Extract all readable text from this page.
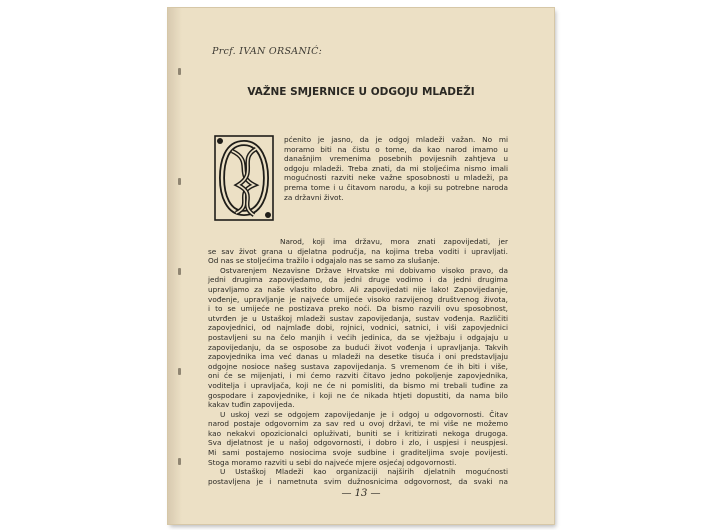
Prcf. IVAN ORSANIĆ:
VAŽNE SMJERNICE U ODGOJU MLADEŽI
pćenito je jasno, da je odgoj mladeži važan. No mi
moramo biti na čistu o tome, da kao narod imamo u
današnjim vremenima posebnih povijesnih zahtjeva u
odgoju mladeži. Treba znati, da mi stoljećima nismo imali
mogućnosti razviti neke važne sposobnosti u mladeži, pa
prema tome i u čitavom narodu, a koji su potrebne naroda
za državni život.
Narod, koji ima državu, mora znati zapovijedati, jer
se sav život grana u djelatna područja, na kojima treba voditi i upravljati.
Od nas se stoljećima tražilo i odgajalo nas se samo za slušanje.
Ostvarenjem Nezavisne Države Hrvatske mi dobivamo visoko pravo, da
jedni drugima zapovijedamo, da jedni druge vodimo i da jedni drugima
upravljamo za naše vlastito dobro. Ali zapovijedati nije lako! Zapovijedanje,
vođenje, upravljanje je najveće umijeće visoko razvijenog društvenog života,
i to se umijeće ne postizava preko noći. Da bismo razvili ovu sposobnost,
utvrđen je u Ustaškoj mladeži sustav zapovijedanja, sustav vođenja. Različiti
zapovjednici, od najmlađe dobi, rojnici, vodnici, satnici, i viši zapovjednici
postavljeni su na čelo manjih i većih jedinica, da se vježbaju i odgajaju u
zapovijedanju, da se osposobe za budući život vođenja i upravljanja. Takvih
zapovjednika ima već danas u mladeži na desetke tisuća i oni predstavljaju
odgojne nosioce našeg sustava zapovijedanja. S vremenom će ih biti i više,
oni će se mijenjati, i mi ćemo razviti čitavo jedno pokoljenje zapovjednika,
voditelja i upravljača, koji ne će ni pomisliti, da bismo mi trebali tuđine za
gospodare i zapovjednike, i koji ne će nikada htjeti dopustiti, da nama bilo
kakav tuđin zapovijeda.
U uskoj vezi se odgojem zapovijedanje je i odgoj u odgovornosti. Čitav
narod postaje odgovornim za sav red u ovoj državi, te mi više ne možemo
kao nekakvi opozicionalci opluživati, buniti se i kritizirati nekoga drugoga.
Sva djelatnost je u našoj odgovornosti, i dobro i zlo, i uspjesi i neuspjesi.
Mi sami postajemo nosiocima svoje sudbine i graditeljima svoje povijesti.
Stoga moramo razviti u sebi do najveće mjere osjećaj odgovornosti.
U Ustaškoj Mladeži kao organizaciji najširih djelatnih mogućnosti
postavljena je i nametnuta svim dužnosnicima odgovornost, da svaki na
— 13 —
